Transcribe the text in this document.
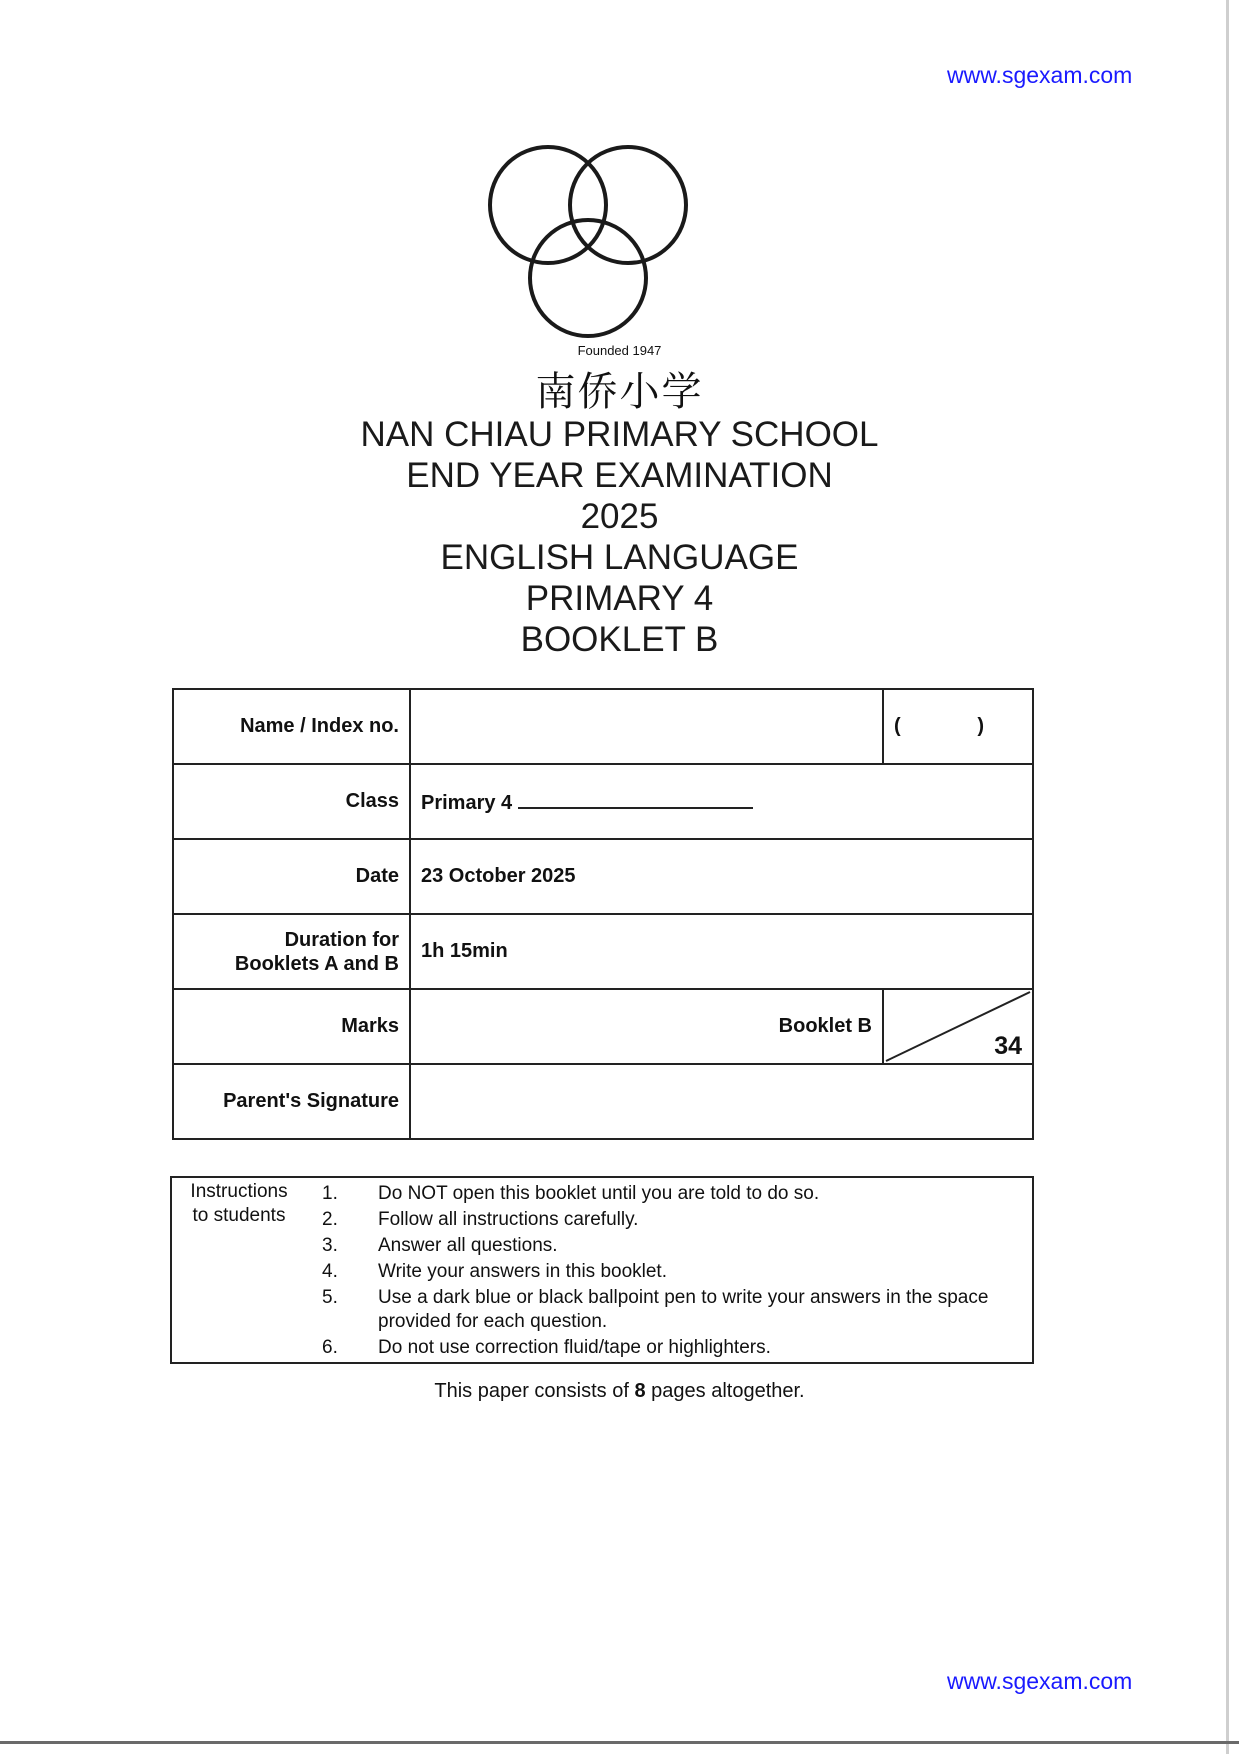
www.sgexam.com
Founded 1947
南侨小学
NAN CHIAU PRIMARY SCHOOL
END YEAR EXAMINATION
2025
ENGLISH LANGUAGE
PRIMARY 4
BOOKLET B
Name / Index no.		( )

Class	Primary 4	
Date	23 October 2025	

Duration for
Booklets A and B	1h 15min	
Marks	Booklet B	34

Parent's Signature		
Instructions
to students
1.	Do NOT open this booklet until you are told to do so.
2.	Follow all instructions carefully.
3.	Answer all questions.
4.	Write your answers in this booklet.
5.	Use a dark blue or black ballpoint pen to write your answers in the space provided for each question.
6.	Do not use correction fluid/tape or highlighters.
This paper consists of 8 pages altogether.
www.sgexam.com
